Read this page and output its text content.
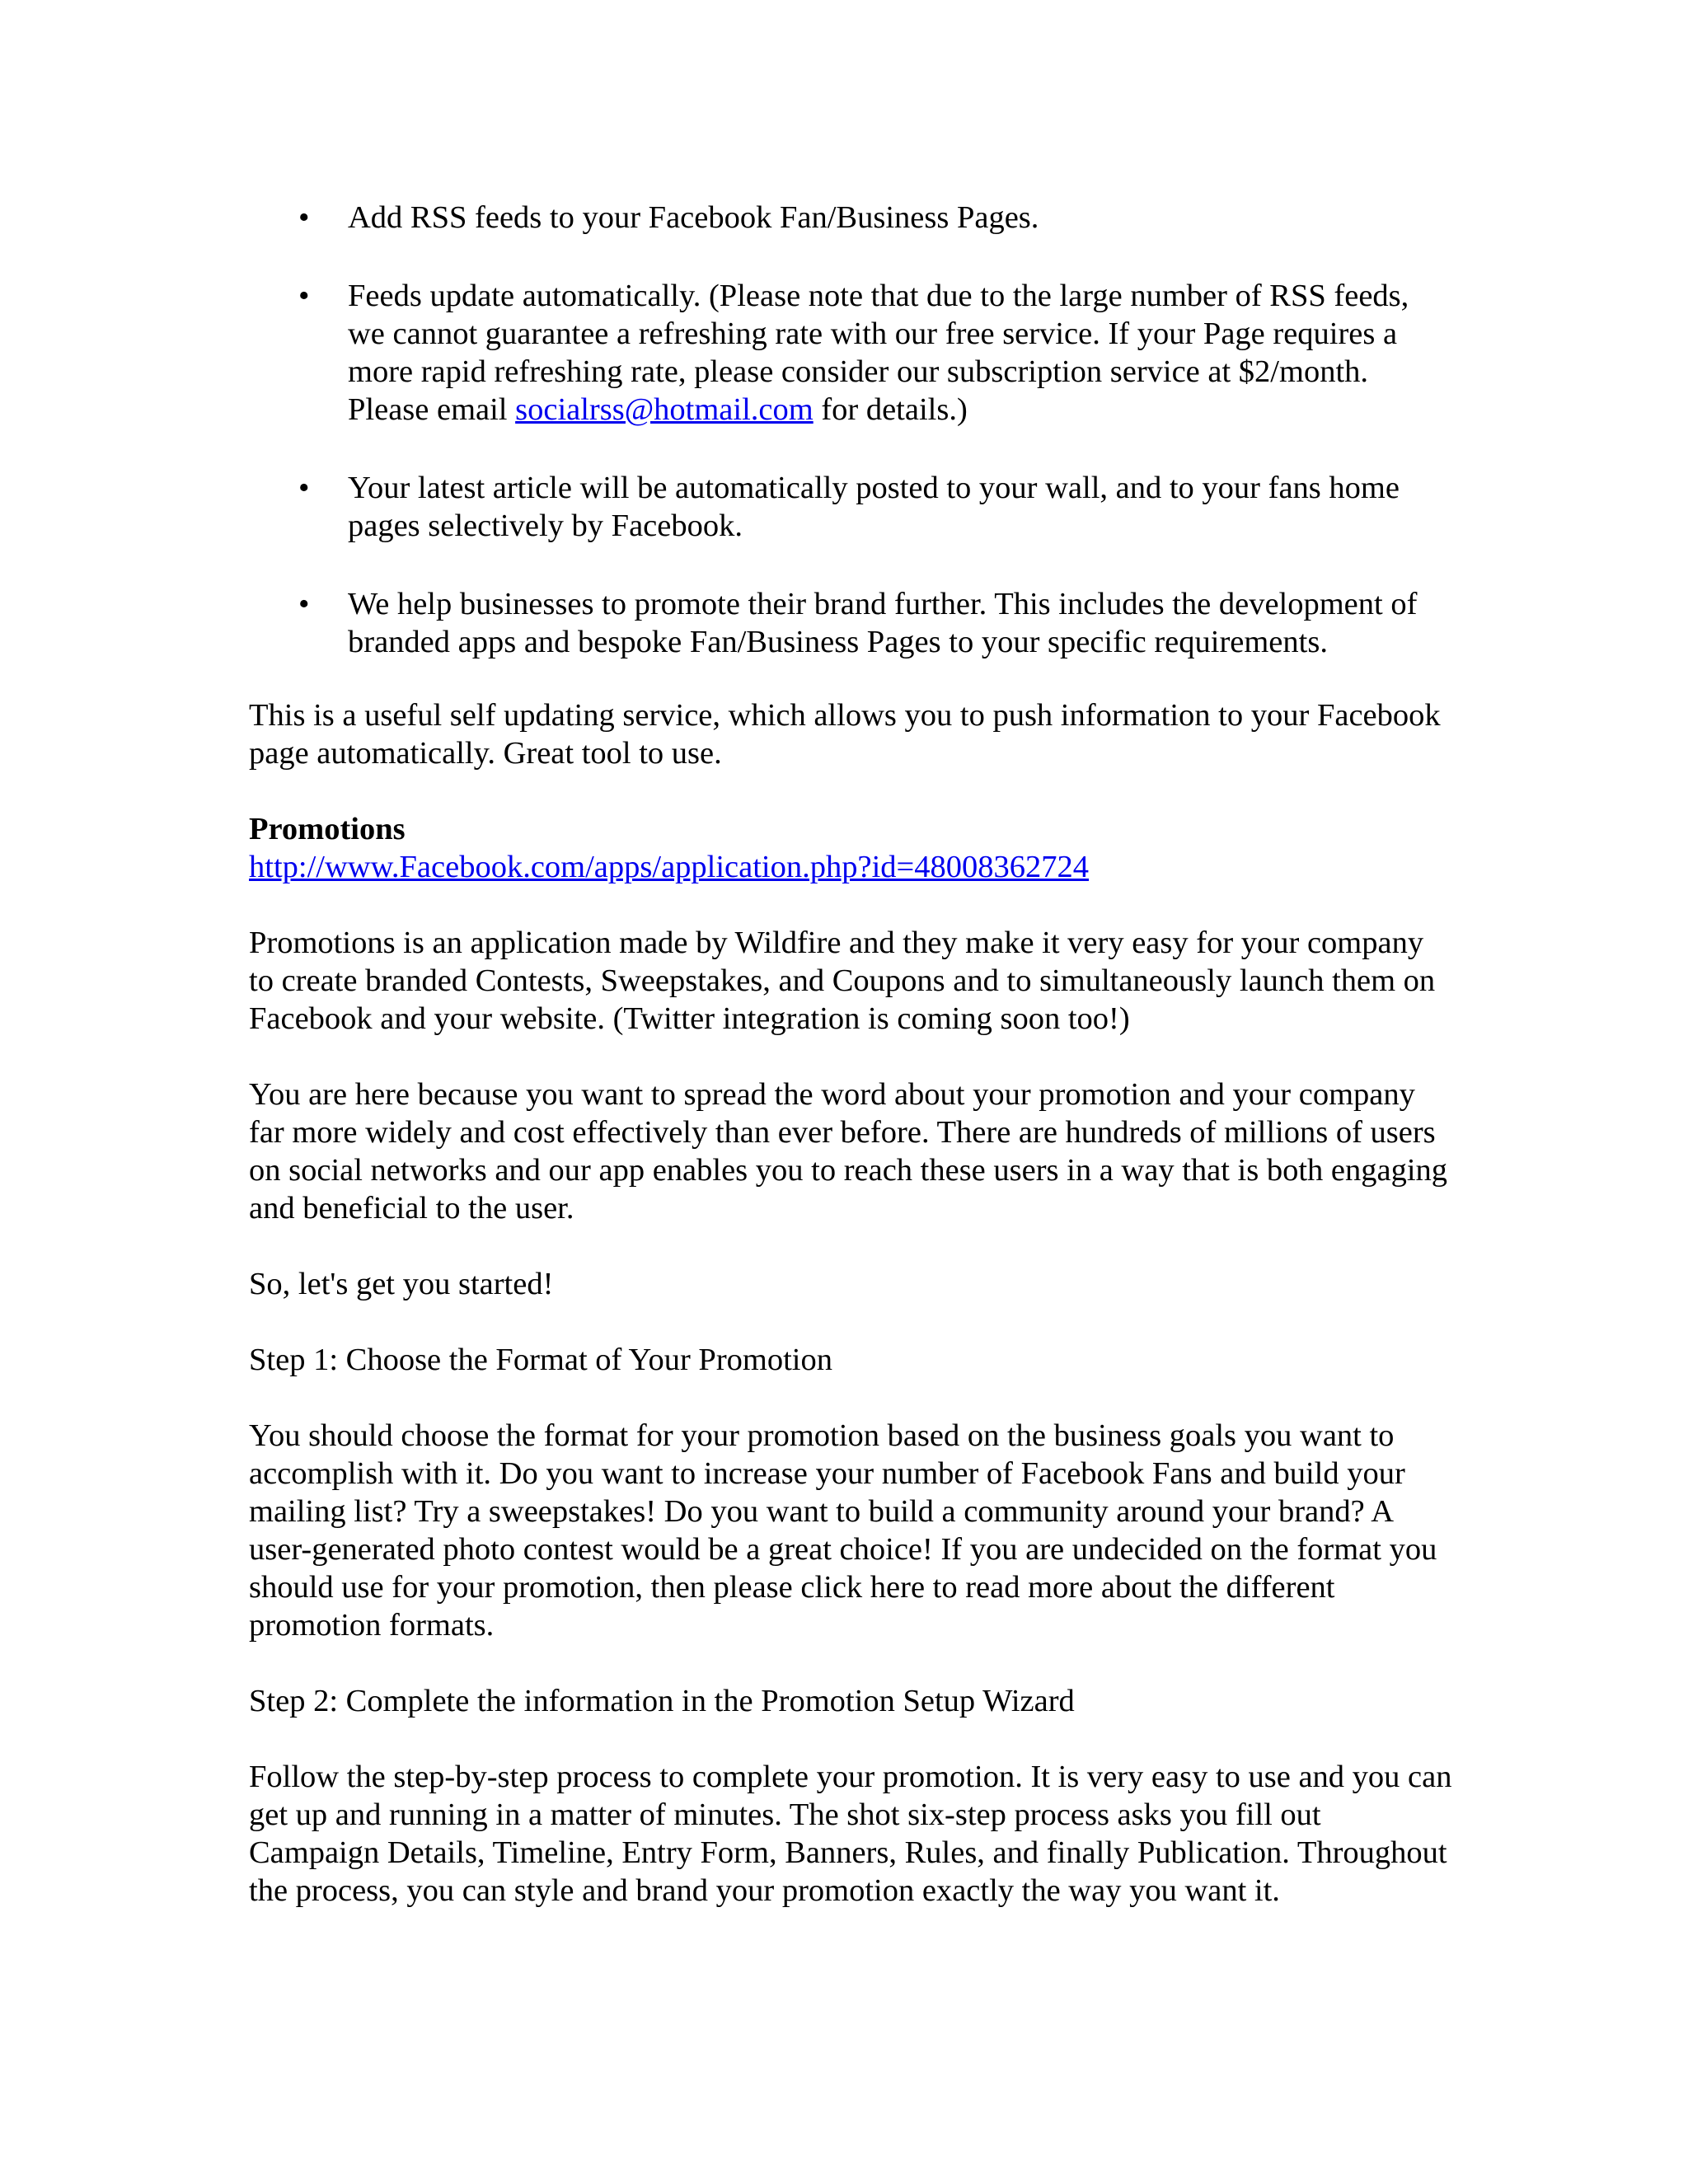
• Add RSS feeds to your Facebook Fan/Business Pages.
• Feeds update automatically. (Please note that due to the large number of RSS feeds, we cannot guarantee a refreshing rate with our free service. If your Page requires a more rapid refreshing rate, please consider our subscription service at $2/month. Please email socialrss@hotmail.com for details.)
• Your latest article will be automatically posted to your wall, and to your fans home pages selectively by Facebook.
• We help businesses to promote their brand further. This includes the development of branded apps and bespoke Fan/Business Pages to your specific requirements.

This is a useful self updating service, which allows you to push information to your Facebook page automatically. Great tool to use.

Promotions

http://www.Facebook.com/apps/application.php?id=48008362724

Promotions is an application made by Wildfire and they make it very easy for your company to create branded Contests, Sweepstakes, and Coupons and to simultaneously launch them on Facebook and your website. (Twitter integration is coming soon too!)

You are here because you want to spread the word about your promotion and your company far more widely and cost effectively than ever before. There are hundreds of millions of users on social networks and our app enables you to reach these users in a way that is both engaging and beneficial to the user.

So, let's get you started!

Step 1: Choose the Format of Your Promotion

You should choose the format for your promotion based on the business goals you want to accomplish with it. Do you want to increase your number of Facebook Fans and build your mailing list? Try a sweepstakes! Do you want to build a community around your brand? A user-generated photo contest would be a great choice! If you are undecided on the format you should use for your promotion, then please click here to read more about the different promotion formats.

Step 2: Complete the information in the Promotion Setup Wizard

Follow the step-by-step process to complete your promotion. It is very easy to use and you can get up and running in a matter of minutes. The shot six-step process asks you fill out Campaign Details, Timeline, Entry Form, Banners, Rules, and finally Publication. Throughout the process, you can style and brand your promotion exactly the way you want it.
